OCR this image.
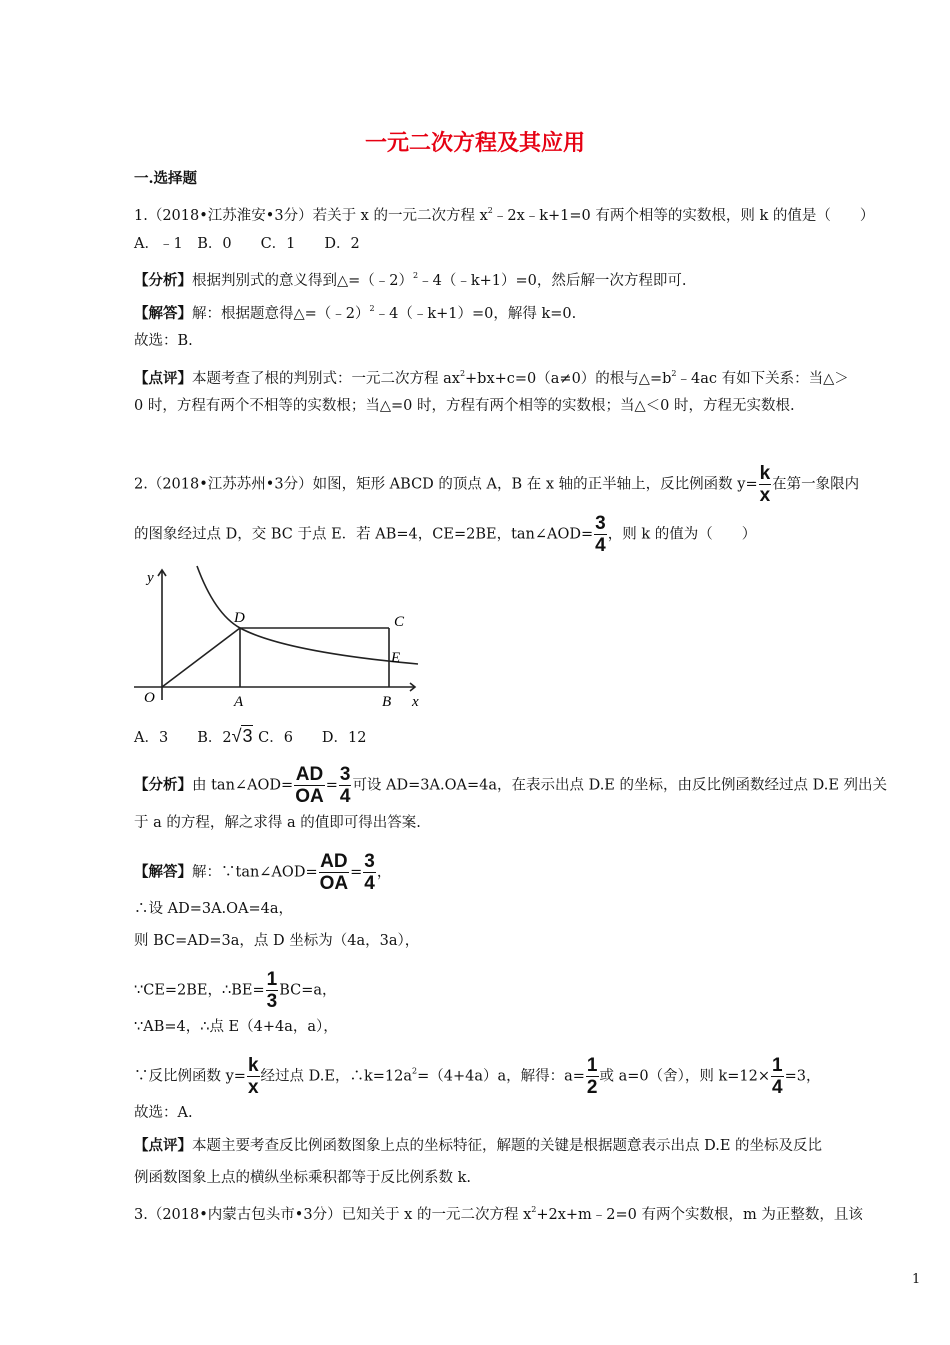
一元二次方程及其应用
一.选择题
1.（2018•江苏淮安•3分）若关于 x 的一元二次方程 $x^2﹣2x﹣k+1=0$ 有两个相等的实数根，则 k 的值是（　　）
A．﹣1　B．0　　C．1　　D．2
【分析】根据判别式的意义得到△=（﹣2）$^2$﹣4（﹣k+1）=0，然后解一次方程即可.
【解答】解：根据题意得△=（﹣2）$^2$﹣4（﹣k+1）=0，解得 k=0.
故选：B.
【点评】本题考查了根的判别式：一元二次方程 $ax^2+bx+c=0(a\ne 0)$的根与$\triangle=b^2﹣4ac$ 有如下关系：当△＞
0 时，方程有两个不相等的实数根；当△=0 时，方程有两个相等的实数根；当△＜0 时，方程无实数根.
2.（2018•江苏苏州•3分）如图，矩形 ABCD 的顶点 A，B 在 x 轴的正半轴上，反比例函数 $y= \frac{k}{x}$ 在第一象限内
的图象经过点 D，交 BC 于点 E．若 AB=4，CE=2BE，tan∠AOD= $\frac{3}{4}$ ，则 k 的值为（　　）
y
x
O	A	B
C
D
E
A．3　　B．2√3 C．6　　D．12
【分析】由 tan∠AOD= $\frac{AD}{OA} = \frac{3}{4}$ 可设 AD=3A.OA=4a，在表示出点 D.E 的坐标，由反比例函数经过点 D.E 列出关
于 a 的方程，解之求得 a 的值即可得出答案.
【解答】解：∵tan∠AOD= $\frac{AD}{OA} = \frac{3}{4}$ ，
∴设 AD=3A.OA=4a，
则 BC=AD=3a，点 D 坐标为（4a，3a），
∵CE=2BE，∴BE= $\frac{1}{3} BC=a$，
∵AB=4，∴点 E（4+4a，a），
∵反比例函数 $y= \frac{k}{x}$ 经过点 D.E，$\therefore k=12a^2=(4+4a)a$，解得：$a= \frac{1}{2}$ 或 a=0（舍），则 $k=12\times \frac{1}{4} =3$，
故选：A.
【点评】本题主要考查反比例函数图象上点的坐标特征，解题的关键是根据题意表示出点 D.E 的坐标及反比
例函数图象上点的横纵坐标乘积都等于反比例系数 k.
3.（2018•内蒙古包头市•3分）已知关于 x 的一元二次方程 $x^2+2x+m﹣2=0$ 有两个实数根，m 为正整数，且该
1
